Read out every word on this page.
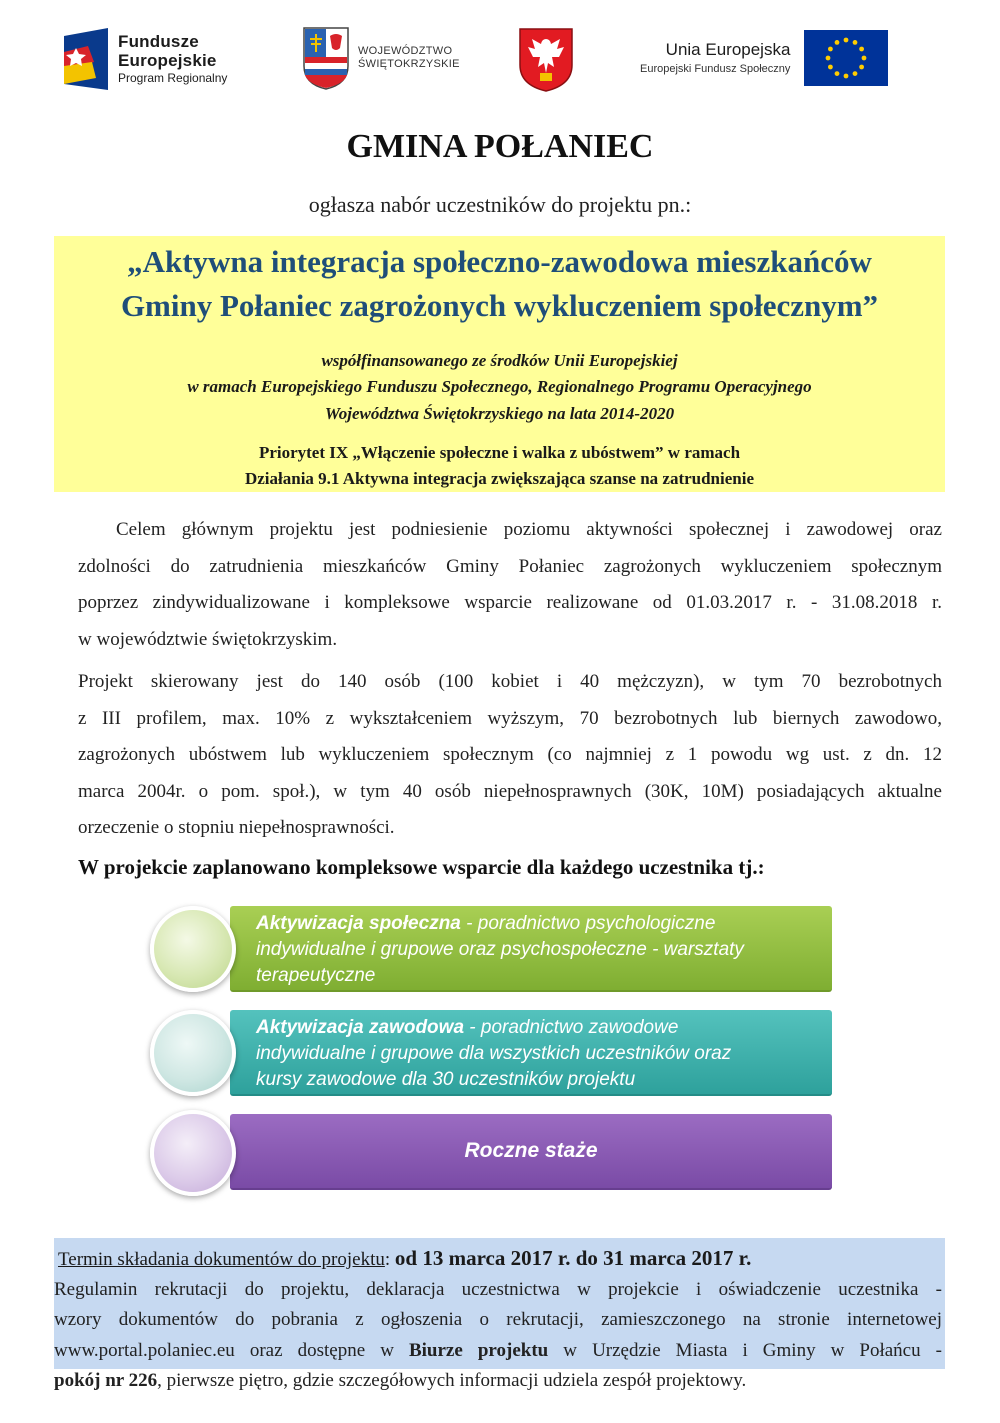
Fundusze
Europejskie
Program Regionalny
WOJEWÓDZTWO
ŚWIĘTOKRZYSKIE
Unia Europejska
Europejski Fundusz Społeczny
GMINA POŁANIEC
ogłasza nabór uczestników do projektu pn.:
„Aktywna integracja społeczno-zawodowa mieszkańców
Gminy Połaniec zagrożonych wykluczeniem społecznym”
współfinansowanego ze środków Unii Europejskiej
w ramach Europejskiego Funduszu Społecznego, Regionalnego Programu Operacyjnego
Województwa Świętokrzyskiego na lata 2014-2020
Priorytet IX „Włączenie społeczne i walka z ubóstwem” w ramach
Działania 9.1 Aktywna integracja zwiększająca szanse na zatrudnienie
Celem głównym projektu jest podniesienie poziomu aktywności społecznej i zawodowej oraz
zdolności do zatrudnienia mieszkańców Gminy Połaniec zagrożonych wykluczeniem społecznym
poprzez zindywidualizowane i kompleksowe wsparcie realizowane od 01.03.2017 r. - 31.08.2018 r.
w województwie świętokrzyskim.
Projekt skierowany jest do 140 osób (100 kobiet i 40 mężczyzn), w tym 70 bezrobotnych
z III profilem, max. 10% z wykształceniem wyższym, 70 bezrobotnych lub biernych zawodowo,
zagrożonych ubóstwem lub wykluczeniem społecznym (co najmniej z 1 powodu wg ust. z dn. 12
marca 2004r. o pom. społ.), w tym 40 osób niepełnosprawnych (30K, 10M) posiadających aktualne
orzeczenie o stopniu niepełnosprawności.
W projekcie zaplanowano kompleksowe wsparcie dla każdego uczestnika tj.:
Aktywizacja społeczna - poradnictwo psychologiczne
indywidualne i grupowe oraz psychospołeczne - warsztaty
terapeutyczne
Aktywizacja zawodowa - poradnictwo zawodowe
indywidualne i grupowe dla wszystkich uczestników oraz
kursy zawodowe dla 30 uczestników projektu
Roczne staże
Termin składania dokumentów do projektu: od 13 marca 2017 r. do 31 marca 2017 r.
Regulamin rekrutacji do projektu, deklaracja uczestnictwa w projekcie i oświadczenie uczestnika -
wzory dokumentów do pobrania z ogłoszenia o rekrutacji, zamieszczonego na stronie internetowej
www.portal.polaniec.eu oraz dostępne w Biurze projektu w Urzędzie Miasta i Gminy w Połańcu -
pokój nr 226, pierwsze piętro, gdzie szczegółowych informacji udziela zespół projektowy.
